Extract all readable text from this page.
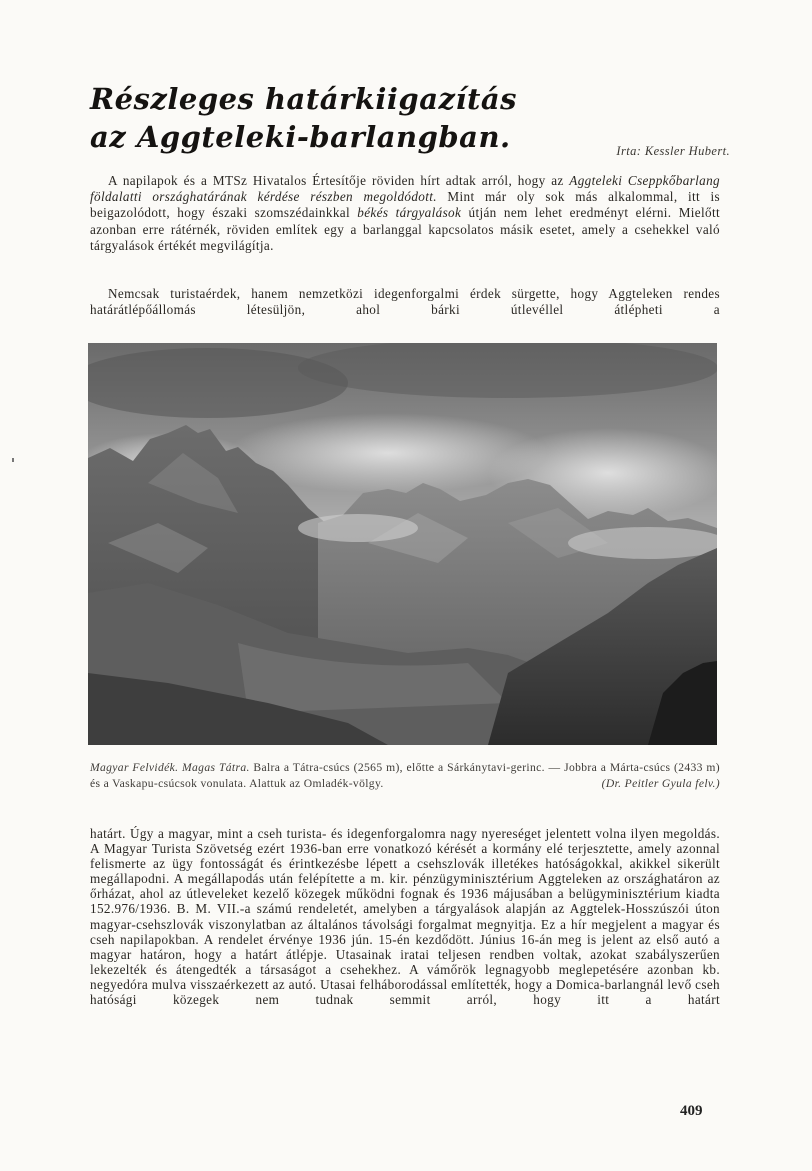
Részleges határkiigazítás
az Aggteleki-barlangban.	Irta: Kessler Hubert.

A napilapok és a MTSz Hivatalos Értesítője röviden hírt adtak arról, hogy az Aggteleki Cseppkőbarlang földalatti országhatárának kérdése részben megoldódott. Mint már oly sok más alkalommal, itt is beigazolódott, hogy északi szomszédainkkal békés tárgyalások útján nem lehet eredményt elérni. Mielőtt azonban erre rátérnék, röviden említek egy a barlanggal kapcsolatos másik esetet, amely a csehekkel való tárgyalások értékét megvilágítja.

Nemcsak turistaérdek, hanem nemzetközi idegenforgalmi érdek sürgette, hogy Aggteleken rendes határátlépőállomás létesüljön, ahol bárki útlevéllel átlépheti a

Magyar Felvidék. Magas Tátra. Balra a Tátra-csúcs (2565 m), előtte a Sárkánytavi-gerinc. — Jobbra a Márta-csúcs (2433 m) és a Vaskapu-csúcsok vonulata. Alattuk az Omladék-völgy.	(Dr. Peitler Gyula felv.)

határt. Úgy a magyar, mint a cseh turista- és idegenforgalomra nagy nyereséget jelentett volna ilyen megoldás. A Magyar Turista Szövetség ezért 1936-ban erre vonatkozó kérését a kormány elé terjesztette, amely azonnal felismerte az ügy fontosságát és érintkezésbe lépett a csehszlovák illetékes hatóságokkal, akikkel sikerült megállapodni. A megállapodás után felépítette a m. kir. pénzügyminisztérium Aggteleken az országhatáron az őrházat, ahol az útleveleket kezelő közegek működni fognak és 1936 májusában a belügyminisztérium kiadta 152.976/1936. B. M. VII.-a számú rendeletét, amelyben a tárgyalások alapján az Aggtelek-Hosszúszói úton magyar-csehszlovák viszonylatban az általános távolsági forgalmat megnyitja. Ez a hír megjelent a magyar és cseh napilapokban. A rendelet érvénye 1936 jún. 15-én kezdődött. Június 16-án meg is jelent az első autó a magyar határon, hogy a határt átlépje. Utasainak iratai teljesen rendben voltak, azokat szabályszerűen lekezelték és átengedték a társaságot a csehekhez. A vámőrök legnagyobb meglepetésére azonban kb. negyedóra mulva visszaérkezett az autó. Utasai felháborodással említették, hogy a Domica-barlangnál levő cseh hatósági közegek nem tudnak semmit arról, hogy itt a határt

409
